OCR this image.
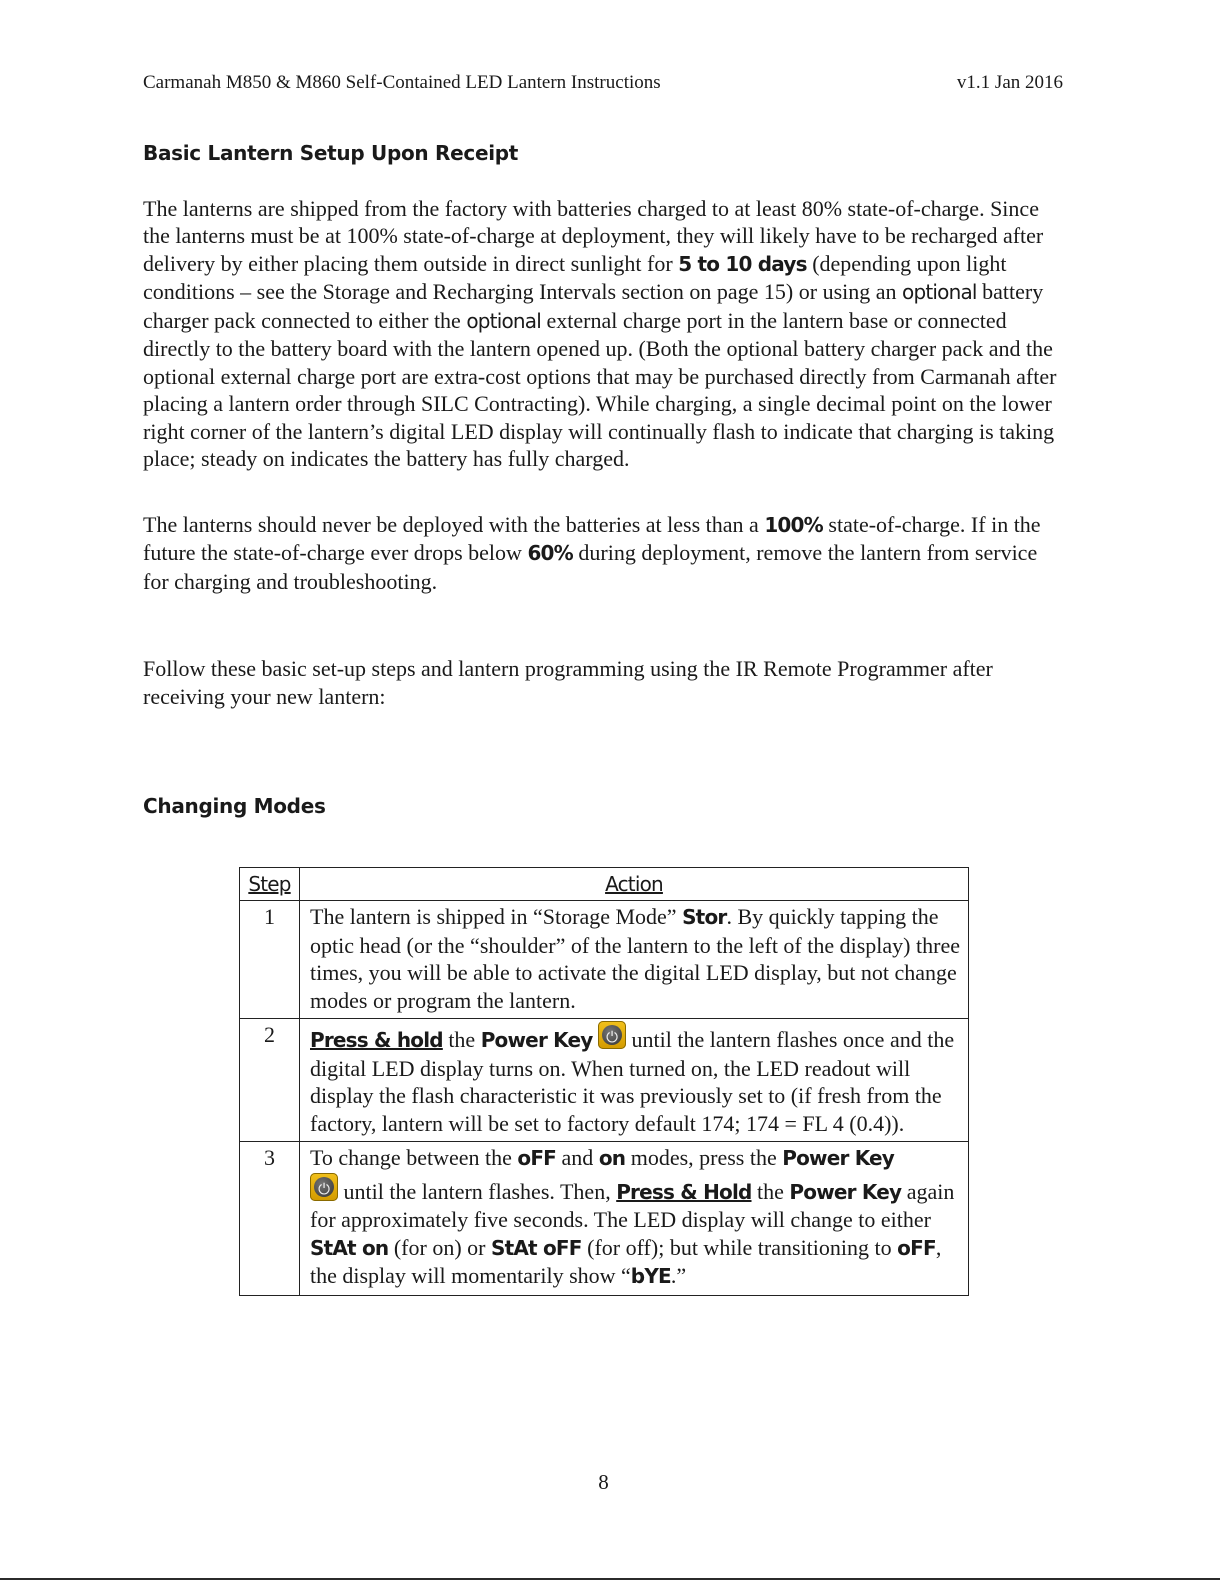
Carmanah M850 & M860 Self-Contained LED Lantern Instructions	v1.1 Jan 2016
Basic Lantern Setup Upon Receipt

The lanterns are shipped from the factory with batteries charged to at least 80% state-of-charge. Since the lanterns must be at 100% state-of-charge at deployment, they will likely have to be recharged after delivery by either placing them outside in direct sunlight for 5 to 10 days (depending upon light conditions – see the Storage and Recharging Intervals section on page 15) or using an optional battery charger pack connected to either the optional external charge port in the lantern base or connected directly to the battery board with the lantern opened up. (Both the optional battery charger pack and the optional external charge port are extra-cost options that may be purchased directly from Carmanah after placing a lantern order through SILC Contracting). While charging, a single decimal point on the lower right corner of the lantern’s digital LED display will continually flash to indicate that charging is taking place; steady on indicates the battery has fully charged.

The lanterns should never be deployed with the batteries at less than a 100% state-of-charge. If in the future the state-of-charge ever drops below 60% during deployment, remove the lantern from service for charging and troubleshooting.

Follow these basic set-up steps and lantern programming using the IR Remote Programmer after receiving your new lantern:

Changing Modes
Step	Action
1	The lantern is shipped in “Storage Mode” Stor. By quickly tapping the optic head (or the “shoulder” of the lantern to the left of the display) three times, you will be able to activate the digital LED display, but not change modes or program the lantern.
2	Press & hold the Power Key ⏻ until the lantern flashes once and the digital LED display turns on. When turned on, the LED readout will display the flash characteristic it was previously set to (if fresh from the factory, lantern will be set to factory default 174; 174 = FL 4 (0.4)).
3	To change between the oFF and on modes, press the Power Key
⏻ until the lantern flashes. Then, Press & Hold the Power Key again for approximately five seconds. The LED display will change to either StAt on (for on) or StAt oFF (for off); but while transitioning to oFF, the display will momentarily show “bYE.”
8
